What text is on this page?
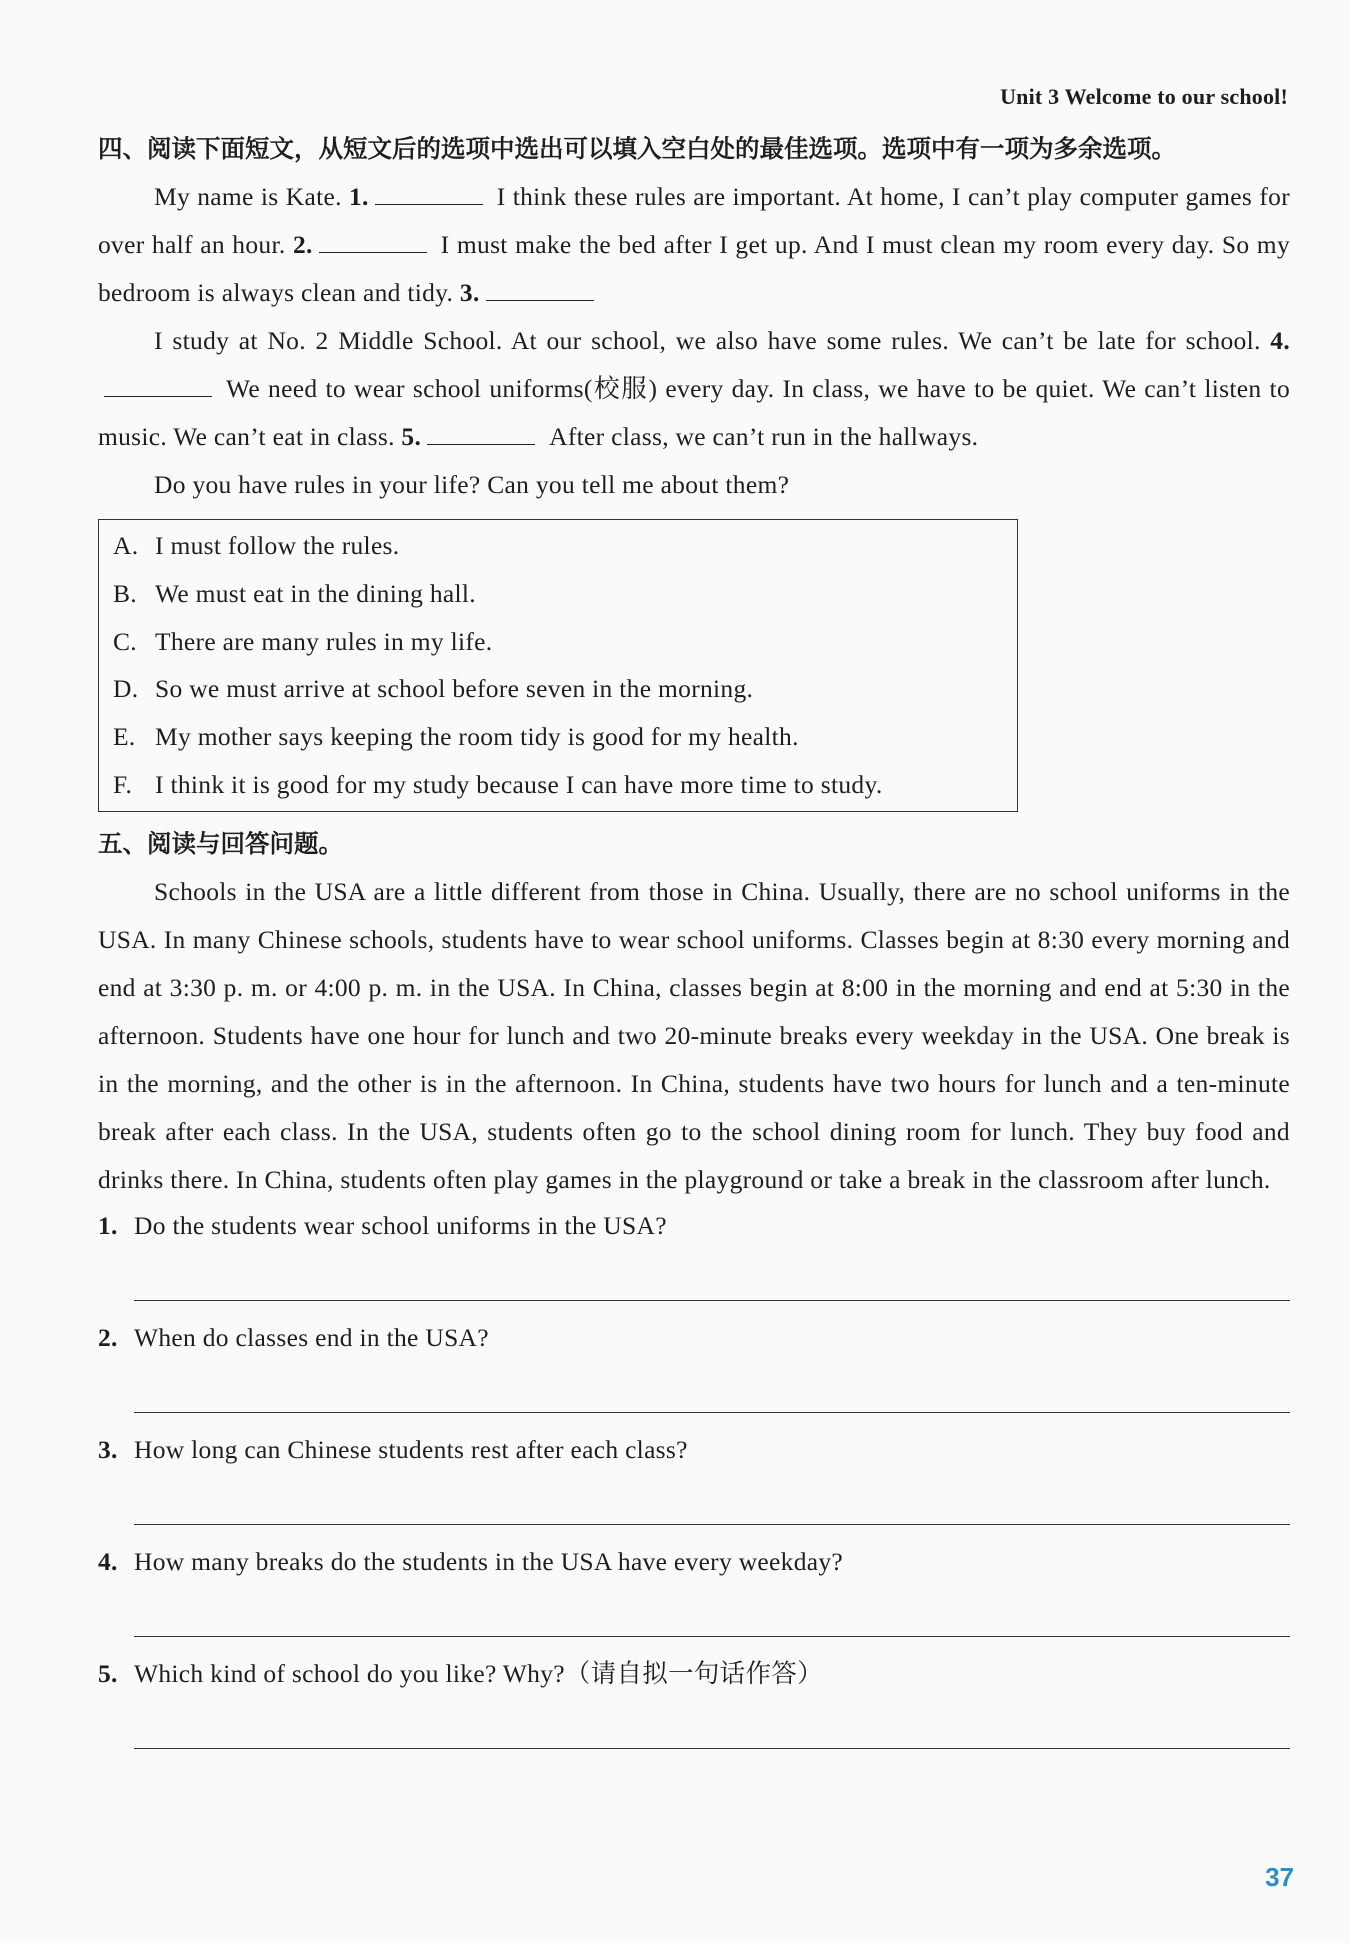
Unit 3 Welcome to our school!

四、阅读下面短文，从短文后的选项中选出可以填入空白处的最佳选项。选项中有一项为多余选项。

My name is Kate. 1.	I think these rules are important. At home, I can’t play computer games for over half an hour. 2.	I must make the bed after I get up. And I must clean my room every day. So my bedroom is always clean and tidy. 3.

I study at No. 2 Middle School. At our school, we also have some rules. We can’t be late for school. 4.We need to wear school uniforms(校服) every day. In class, we have to be quiet. We can’t listen to music. We can’t eat in class. 5.	After class, we can’t run in the hallways.

Do you have rules in your life? Can you tell me about them?

A. I must follow the rules.
B. We must eat in the dining hall.
C. There are many rules in my life.
D. So we must arrive at school before seven in the morning.
E. My mother says keeping the room tidy is good for my health.
F. I think it is good for my study because I can have more time to study.

五、阅读与回答问题。

Schools in the USA are a little different from those in China. Usually, there are no school uniforms in the USA. In many Chinese schools, students have to wear school uniforms. Classes begin at 8:30 every morning and end at 3:30 p. m. or 4:00 p. m. in the USA. In China, classes begin at 8:00 in the morning and end at 5:30 in the afternoon. Students have one hour for lunch and two 20-minute breaks every weekday in the USA. One break is in the morning, and the other is in the afternoon. In China, students have two hours for lunch and a ten-minute break after each class. In the USA, students often go to the school dining room for lunch. They buy food and drinks there. In China, students often play games in the playground or take a break in the classroom after lunch.

1. Do the students wear school uniforms in the USA?

2. When do classes end in the USA?

3. How long can Chinese students rest after each class?

4. How many breaks do the students in the USA have every weekday?

5. Which kind of school do you like? Why?（请自拟一句话作答）

37
